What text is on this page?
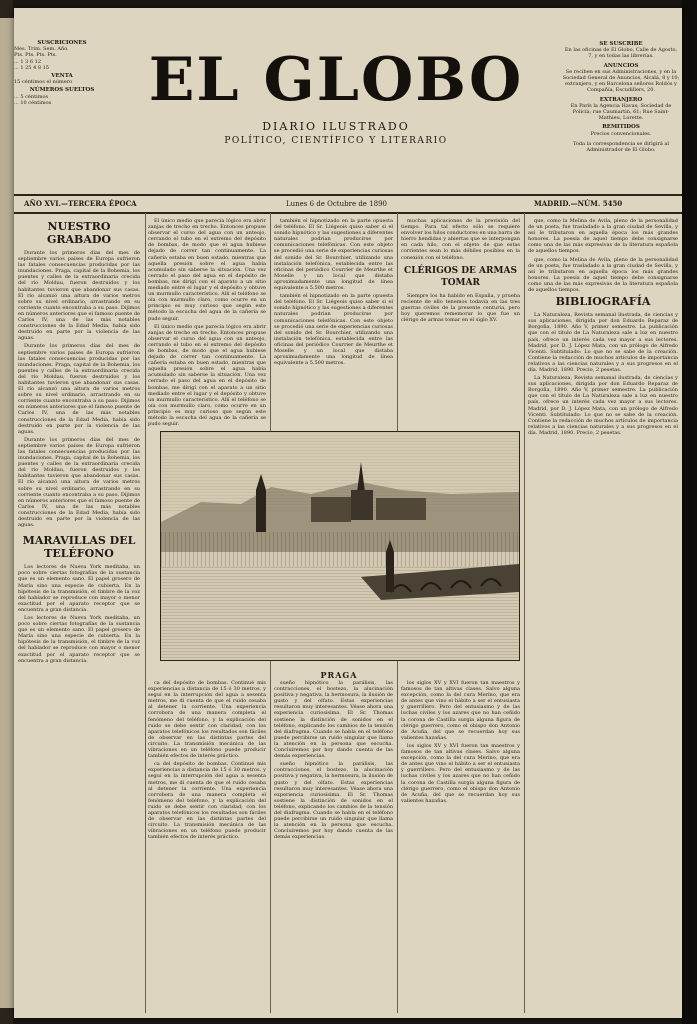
SUSCRICIONES
Mes. Trim. Sem. Año.
Pts. Pts. Pts. Pts.
... 1 3 6 12
... 1 25 4 8 15
VENTA
15 céntimos el número
NÚMEROS SUELTOS
... 5 céntimos
... 10 céntimos	EL GLOBO
DIARIO ILUSTRADO
POLÍTICO, CIENTÍFICO Y LITERARIO
SE SUSCRIBE
En las oficinas de El Globo, Calle de Agosto, 7, y en todas las librerías.
ANUNCIOS
Se reciben en sus Administraciones, y en la Sociedad General de Anuncios, Alcalá, 8 y 10; extranjero, y en Barcelona señores Roldós y Compañía, Escudillers, 20.
EXTRANJERO
En París la Agencia Havas; Sociedad de Policía; rue Caumartin, 61; Rue Saint-Mathieu, Lorette.
REMITIDOS
Precios convencionales.
Toda la correspondencia se dirigirá al Administrador de El Globo.
AÑO XVI.—TERCERA ÉPOCA	Lunes 6 de Octubre de 1890	MADRID.—NÚM. 5450
NUESTRO GRABADO

Durante los primeros días del mes de septiembre varios países de Europa sufrieron las fatales consecuencias producidas por las inundaciones. Praga, capital de la Bohemia, los puentes y calles de la extraordinaria crecida del río Moldau, fueron destruidos y los habitantes tuvieron que abandonar sus casas. El río alcanzó una altura de varios metros sobre su nivel ordinario, arrastrando en su corriente cuanto encontraba a su paso. Dijimos en números anteriores que el famoso puente de Carlos IV, una de las más notables construcciones de la Edad Media, había sido destruido en parte por la violencia de las aguas.

Durante los primeros días del mes de septiembre varios países de Europa sufrieron las fatales consecuencias producidas por las inundaciones. Praga, capital de la Bohemia, los puentes y calles de la extraordinaria crecida del río Moldau, fueron destruidos y los habitantes tuvieron que abandonar sus casas. El río alcanzó una altura de varios metros sobre su nivel ordinario, arrastrando en su corriente cuanto encontraba a su paso. Dijimos en números anteriores que el famoso puente de Carlos IV, una de las más notables construcciones de la Edad Media, había sido destruido en parte por la violencia de las aguas.

Durante los primeros días del mes de septiembre varios países de Europa sufrieron las fatales consecuencias producidas por las inundaciones. Praga, capital de la Bohemia, los puentes y calles de la extraordinaria crecida del río Moldau, fueron destruidos y los habitantes tuvieron que abandonar sus casas. El río alcanzó una altura de varios metros sobre su nivel ordinario, arrastrando en su corriente cuanto encontraba a su paso. Dijimos en números anteriores que el famoso puente de Carlos IV, una de las más notables construcciones de la Edad Media, había sido destruido en parte por la violencia de las aguas.

MARAVILLAS DEL TELÉFONO

Los lectores de Nueva York meditaba, un poco sobre ciertas fotografías de la sustancia que es un elemento sano. El papel grosero de María sino una especie de cubierta. En la hipótesis de la transmisión, el timbre de la voz del hablador se reproduce con mayor o menor exactitud por el aparato receptor que se encuentra a gran distancia.

Los lectores de Nueva York meditaba, un poco sobre ciertas fotografías de la sustancia que es un elemento sano. El papel grosero de María sino una especie de cubierta. En la hipótesis de la transmisión, el timbre de la voz del hablador se reproduce con mayor o menor exactitud por el aparato receptor que se encuentra a gran distancia.

El único medio que parecía lógico era abrir zanjas de trecho en trecho. Entonces propuse observar el curso del agua con un anteojo, cerrando el tubo en el extremo del depósito de bombas, de modo que el agua hubiese dejado de correr tan continuamente. La cañería estaba en buen estado, mientras que aquella presión sobre el agua había acumulado sin saberse la situación. Una vez cerrado el paso del agua en el depósito de bombas, me dirigí con el aparato a un sitio mediado entre el lugar y el depósito y obtuve un murmullo característico. Allí el teléfono se oía con murmullo claro, como ocurre en un principio es muy curioso que según este método la escucha del agua de la cañería se pudo seguir.

El único medio que parecía lógico era abrir zanjas de trecho en trecho. Entonces propuse observar el curso del agua con un anteojo, cerrando el tubo en el extremo del depósito de bombas, de modo que el agua hubiese dejado de correr tan continuamente. La cañería estaba en buen estado, mientras que aquella presión sobre el agua había acumulado sin saberse la situación. Una vez cerrado el paso del agua en el depósito de bombas, me dirigí con el aparato a un sitio mediado entre el lugar y el depósito y obtuve un murmullo característico. Allí el teléfono se oía con murmullo claro, como ocurre en un principio es muy curioso que según este método la escucha del agua de la cañería se pudo seguir.

también el hipnotizado en la parte opuesta del teléfono. El Sr. Liégeois quiso saber si el sonido hipnótico y las sugestiones a diferentes naturales podrían producirse por comunicaciones telefónicas. Con este objeto se procedió una serie de experiencias curiosas del sonido del Sr. Bourchier, utilizando una instalación telefónica, establecida entre las oficinas del periódico Courrier de Meurthe et Moselle y un local que distaba aproximadamente una longitud de línea equivalente a 5.500 metros.

también el hipnotizado en la parte opuesta del teléfono. El Sr. Liégeois quiso saber si el sonido hipnótico y las sugestiones a diferentes naturales podrían producirse por comunicaciones telefónicas. Con este objeto se procedió una serie de experiencias curiosas del sonido del Sr. Bourchier, utilizando una instalación telefónica, establecida entre las oficinas del periódico Courrier de Meurthe et Moselle y un local que distaba aproximadamente una longitud de línea equivalente a 5.500 metros.

muchas aplicaciones de la previsión del tiempo. Para tal efecto sólo se requiere envolver los hilos conductores en una barra de hierro hendidas y abiertas que se interpongan en cada hilo, con el objeto de que estas corrientes sean lo más débiles posibles en la conexión con el teléfono.

CLÉRIGOS DE ARMAS TOMAR

Siempre los ha habido en España, y prueba reciente de ello tenemos todavía en las tres guerras civiles de la presente centuria, pero hoy queremos rememorar lo que fue un clérigo de armas tomar en el siglo XV.

PRAGA

ca del depósito de bombas. Continué mis experiencias a distancia de 15 ó 30 metros, y seguí en la interrupción del agua a sesenta metros, me di cuenta de que el ruido cesaba al detener la corriente. Una experiencia corrobora de una manera completa el fenómeno del teléfono, y la explicación del ruido se debe sentir con claridad; con los aparatos telefónicos los resultados son fáciles de observar en las distintas partes del circuito. La transmisión mecánica de las vibraciones en un teléfono puede producir también efectos de interés práctico.

ca del depósito de bombas. Continué mis experiencias a distancia de 15 ó 30 metros, y seguí en la interrupción del agua a sesenta metros, me di cuenta de que el ruido cesaba al detener la corriente. Una experiencia corrobora de una manera completa el fenómeno del teléfono, y la explicación del ruido se debe sentir con claridad; con los aparatos telefónicos los resultados son fáciles de observar en las distintas partes del circuito. La transmisión mecánica de las vibraciones en un teléfono puede producir también efectos de interés práctico.

sueño hipnótico la parálisis, las contracciones, el bostezo, la alucinación positiva y negativa, la hermosura, la ilusión de gusto y del olfato. Estas experiencias resultaron muy interesantes. Véase ahora una experiencia curiosísima. El Sr. Thomas sostiene la distinción de sonidos en el teléfono, explicando los cambios de la tensión del diafragma. Cuando se habla en el teléfono puede percibirse un ruido singular que llama la atención en la persona que escucha. Concluiremos por hoy dando cuenta de las demás experiencias.

sueño hipnótico la parálisis, las contracciones, el bostezo, la alucinación positiva y negativa, la hermosura, la ilusión de gusto y del olfato. Estas experiencias resultaron muy interesantes. Véase ahora una experiencia curiosísima. El Sr. Thomas sostiene la distinción de sonidos en el teléfono, explicando los cambios de la tensión del diafragma. Cuando se habla en el teléfono puede percibirse un ruido singular que llama la atención en la persona que escucha. Concluiremos por hoy dando cuenta de las demás experiencias.

los siglos XV y XVI fueron tan maestros y famosos de tan altivas clases. Salvo alguna excepción, como la del cura Merino, que era de antes que vino el hábito a ser el entusiasta y guerrillero. Pero del entusiasmo y de las luchas civiles y los azares que no han ceñido la corona de Castilla surgía alguna figura de clérigo guerrero, como el obispo don Antonio de Acuña, del que se recuerdan hoy sus valientes hazañas.

los siglos XV y XVI fueron tan maestros y famosos de tan altivas clases. Salvo alguna excepción, como la del cura Merino, que era de antes que vino el hábito a ser el entusiasta y guerrillero. Pero del entusiasmo y de las luchas civiles y los azares que no han ceñido la corona de Castilla surgía alguna figura de clérigo guerrero, como el obispo don Antonio de Acuña, del que se recuerdan hoy sus valientes hazañas.

que, como la Melina de Avila, pleno de la personalidad de un poeta, fue trasladado a la gran ciudad de Sevilla, y así le tributaron en aquella época los más grandes honores. La poesía de aquel tiempo debe consignarse como una de las más expresivas de la literatura española de aquellos tiempos.

que, como la Melina de Avila, pleno de la personalidad de un poeta, fue trasladado a la gran ciudad de Sevilla, y así le tributaron en aquella época los más grandes honores. La poesía de aquel tiempo debe consignarse como una de las más expresivas de la literatura española de aquellos tiempos.

BIBLIOGRAFÍA

La Naturaleza, Revista semanal ilustrada, de ciencias y sus aplicaciones, dirigida por don Eduardo Reparaz de Borgoña, 1890. Año V, primer semestre. La publicación que con el título de La Naturaleza sale a luz en nuestro país, ofrece un interés cada vez mayor a sus lectores. Madrid, por D. J. López Mata, con un prólogo de Alfredo Vicenti. Subtitulado: Lo que no se sabe de la creación. Contiene la redacción de muchos artículos de importancia relativos a las ciencias naturales y a sus progresos en el día. Madrid, 1890. Precio, 2 pesetas.

La Naturaleza, Revista semanal ilustrada, de ciencias y sus aplicaciones, dirigida por don Eduardo Reparaz de Borgoña, 1890. Año V, primer semestre. La publicación que con el título de La Naturaleza sale a luz en nuestro país, ofrece un interés cada vez mayor a sus lectores. Madrid, por D. J. López Mata, con un prólogo de Alfredo Vicenti. Subtitulado: Lo que no se sabe de la creación. Contiene la redacción de muchos artículos de importancia relativos a las ciencias naturales y a sus progresos en el día. Madrid, 1890. Precio, 2 pesetas.
